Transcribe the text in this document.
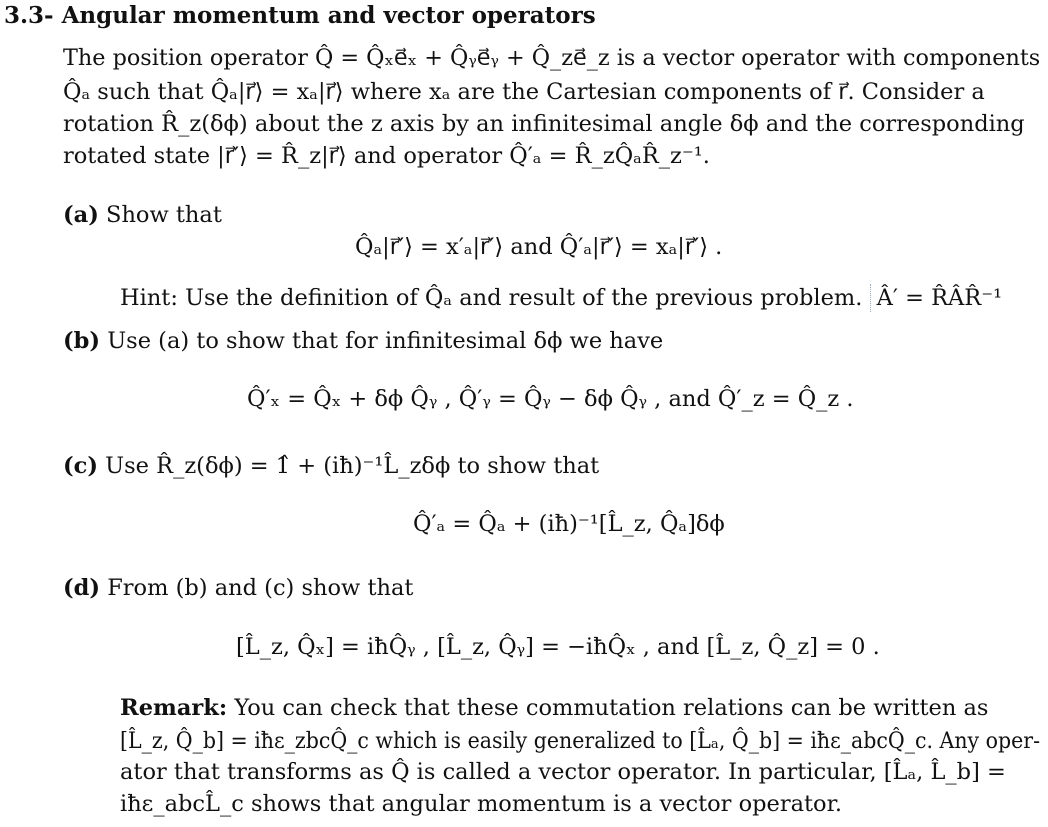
3.3- Angular momentum and vector operators
The position operator Q̂ = Q̂ₓe⃗ₓ + Q̂ᵧe⃗ᵧ + Q̂_ze⃗_z is a vector operator with components
Q̂ₐ such that Q̂ₐ|r⃗⟩ = xₐ|r⃗⟩ where xₐ are the Cartesian components of r⃗. Consider a
rotation R̂_z(δϕ) about the z axis by an infinitesimal angle δϕ and the corresponding
rotated state |r⃗′⟩ = R̂_z|r⃗⟩ and operator Q̂′ₐ = R̂_zQ̂ₐR̂_z⁻¹.
(a) Show that
Q̂ₐ|r⃗′⟩ = x′ₐ|r⃗′⟩ and Q̂′ₐ|r⃗′⟩ = xₐ|r⃗′⟩ .
Hint: Use the definition of Q̂ₐ and result of the previous problem. Â′ = R̂ÂR̂⁻¹
(b) Use (a) to show that for infinitesimal δϕ we have
Q̂′ₓ = Q̂ₓ + δϕ Q̂ᵧ , Q̂′ᵧ = Q̂ᵧ − δϕ Q̂ᵧ , and Q̂′_z = Q̂_z .
(c) Use R̂_z(δϕ) = 1̂ + (iħ)⁻¹L̂_zδϕ to show that
Q̂′ₐ = Q̂ₐ + (iħ)⁻¹[L̂_z, Q̂ₐ]δϕ
(d) From (b) and (c) show that
[L̂_z, Q̂ₓ] = iħQ̂ᵧ , [L̂_z, Q̂ᵧ] = −iħQ̂ₓ , and [L̂_z, Q̂_z] = 0 .
Remark: You can check that these commutation relations can be written as
[L̂_z, Q̂_b] = iħε_zbcQ̂_c which is easily generalized to [L̂ₐ, Q̂_b] = iħε_abcQ̂_c. Any oper-
ator that transforms as Q̂ is called a vector operator. In particular, [L̂ₐ, L̂_b] =
iħε_abcL̂_c shows that angular momentum is a vector operator.
